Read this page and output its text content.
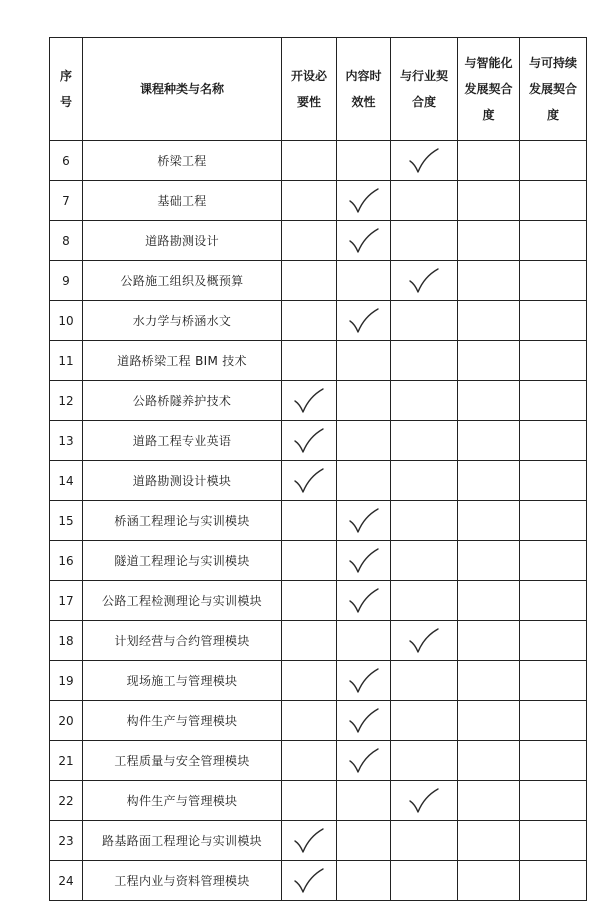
序号	课程种类与名称	开设必要性	内容时效性	与行业契合度	与智能化发展契合度	与可持续发展契合度
6	桥梁工程			

7	基础工程		

8	道路勘测设计		

9	公路施工组织及概预算			

10	水力学与桥涵水文		

11	道路桥梁工程 BIM 技术					
12	公路桥隧养护技术	

13	道路工程专业英语	

14	道路勘测设计模块	

15	桥涵工程理论与实训模块		

16	隧道工程理论与实训模块		

17	公路工程检测理论与实训模块		

18	计划经营与合约管理模块			

19	现场施工与管理模块		

20	构件生产与管理模块		

21	工程质量与安全管理模块		

22	构件生产与管理模块			

23	路基路面工程理论与实训模块	

24	工程内业与资料管理模块	
